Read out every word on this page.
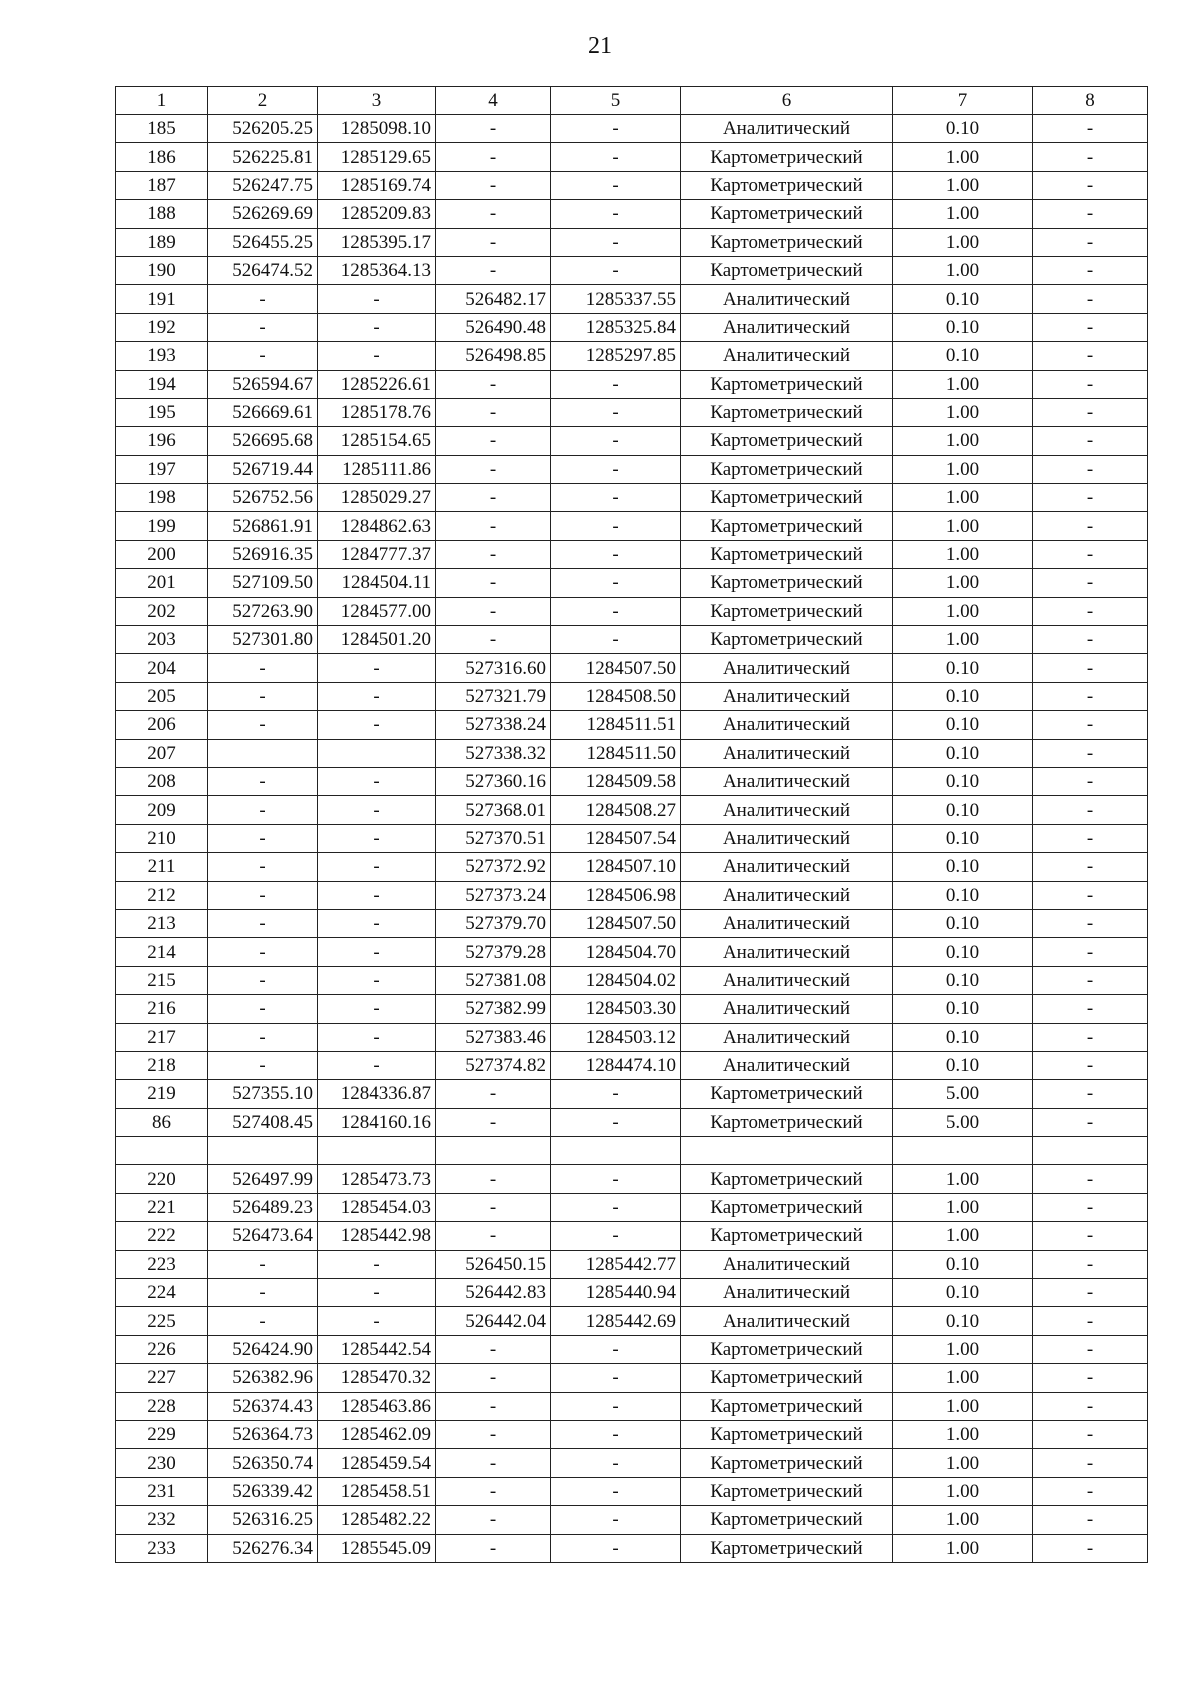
21
1	2	3	4	5	6	7	8
185	526205.25	1285098.10	-	-	Аналитический	0.10	-
186	526225.81	1285129.65	-	-	Картометрический	1.00	-
187	526247.75	1285169.74	-	-	Картометрический	1.00	-
188	526269.69	1285209.83	-	-	Картометрический	1.00	-
189	526455.25	1285395.17	-	-	Картометрический	1.00	-
190	526474.52	1285364.13	-	-	Картометрический	1.00	-
191	-	-	526482.17	1285337.55	Аналитический	0.10	-
192	-	-	526490.48	1285325.84	Аналитический	0.10	-
193	-	-	526498.85	1285297.85	Аналитический	0.10	-
194	526594.67	1285226.61	-	-	Картометрический	1.00	-
195	526669.61	1285178.76	-	-	Картометрический	1.00	-
196	526695.68	1285154.65	-	-	Картометрический	1.00	-
197	526719.44	1285111.86	-	-	Картометрический	1.00	-
198	526752.56	1285029.27	-	-	Картометрический	1.00	-
199	526861.91	1284862.63	-	-	Картометрический	1.00	-
200	526916.35	1284777.37	-	-	Картометрический	1.00	-
201	527109.50	1284504.11	-	-	Картометрический	1.00	-
202	527263.90	1284577.00	-	-	Картометрический	1.00	-
203	527301.80	1284501.20	-	-	Картометрический	1.00	-
204	-	-	527316.60	1284507.50	Аналитический	0.10	-
205	-	-	527321.79	1284508.50	Аналитический	0.10	-
206	-	-	527338.24	1284511.51	Аналитический	0.10	-
207			527338.32	1284511.50	Аналитический	0.10	-
208	-	-	527360.16	1284509.58	Аналитический	0.10	-
209	-	-	527368.01	1284508.27	Аналитический	0.10	-
210	-	-	527370.51	1284507.54	Аналитический	0.10	-
211	-	-	527372.92	1284507.10	Аналитический	0.10	-
212	-	-	527373.24	1284506.98	Аналитический	0.10	-
213	-	-	527379.70	1284507.50	Аналитический	0.10	-
214	-	-	527379.28	1284504.70	Аналитический	0.10	-
215	-	-	527381.08	1284504.02	Аналитический	0.10	-
216	-	-	527382.99	1284503.30	Аналитический	0.10	-
217	-	-	527383.46	1284503.12	Аналитический	0.10	-
218	-	-	527374.82	1284474.10	Аналитический	0.10	-
219	527355.10	1284336.87	-	-	Картометрический	5.00	-
86	527408.45	1284160.16	-	-	Картометрический	5.00	-

220	526497.99	1285473.73	-	-	Картометрический	1.00	-
221	526489.23	1285454.03	-	-	Картометрический	1.00	-
222	526473.64	1285442.98	-	-	Картометрический	1.00	-
223	-	-	526450.15	1285442.77	Аналитический	0.10	-
224	-	-	526442.83	1285440.94	Аналитический	0.10	-
225	-	-	526442.04	1285442.69	Аналитический	0.10	-
226	526424.90	1285442.54	-	-	Картометрический	1.00	-
227	526382.96	1285470.32	-	-	Картометрический	1.00	-
228	526374.43	1285463.86	-	-	Картометрический	1.00	-
229	526364.73	1285462.09	-	-	Картометрический	1.00	-
230	526350.74	1285459.54	-	-	Картометрический	1.00	-
231	526339.42	1285458.51	-	-	Картометрический	1.00	-
232	526316.25	1285482.22	-	-	Картометрический	1.00	-
233	526276.34	1285545.09	-	-	Картометрический	1.00	-
